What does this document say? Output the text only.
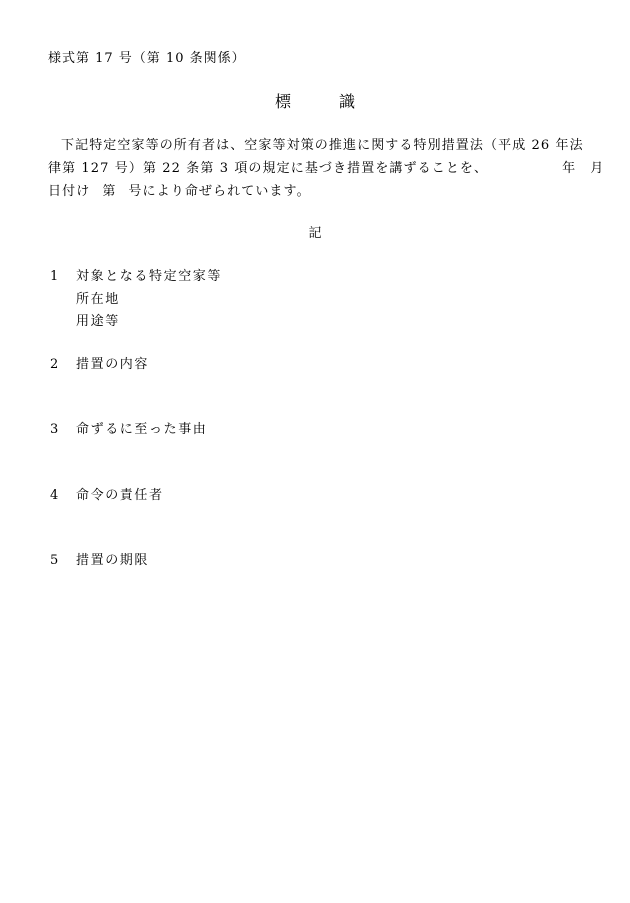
様式第 17 号（第 10 条関係）
標	識
下記特定空家等の所有者は、空家等対策の推進に関する特別措置法（平成 26 年法
律第 127 号）第 22 条第 3 項の規定に基づき措置を講ずることを、	年 月
日付け 第 号により命ぜられています。
記
1 対象となる特定空家等
所在地
用途等
2 措置の内容
3 命ずるに至った事由
4 命令の責任者
5 措置の期限
